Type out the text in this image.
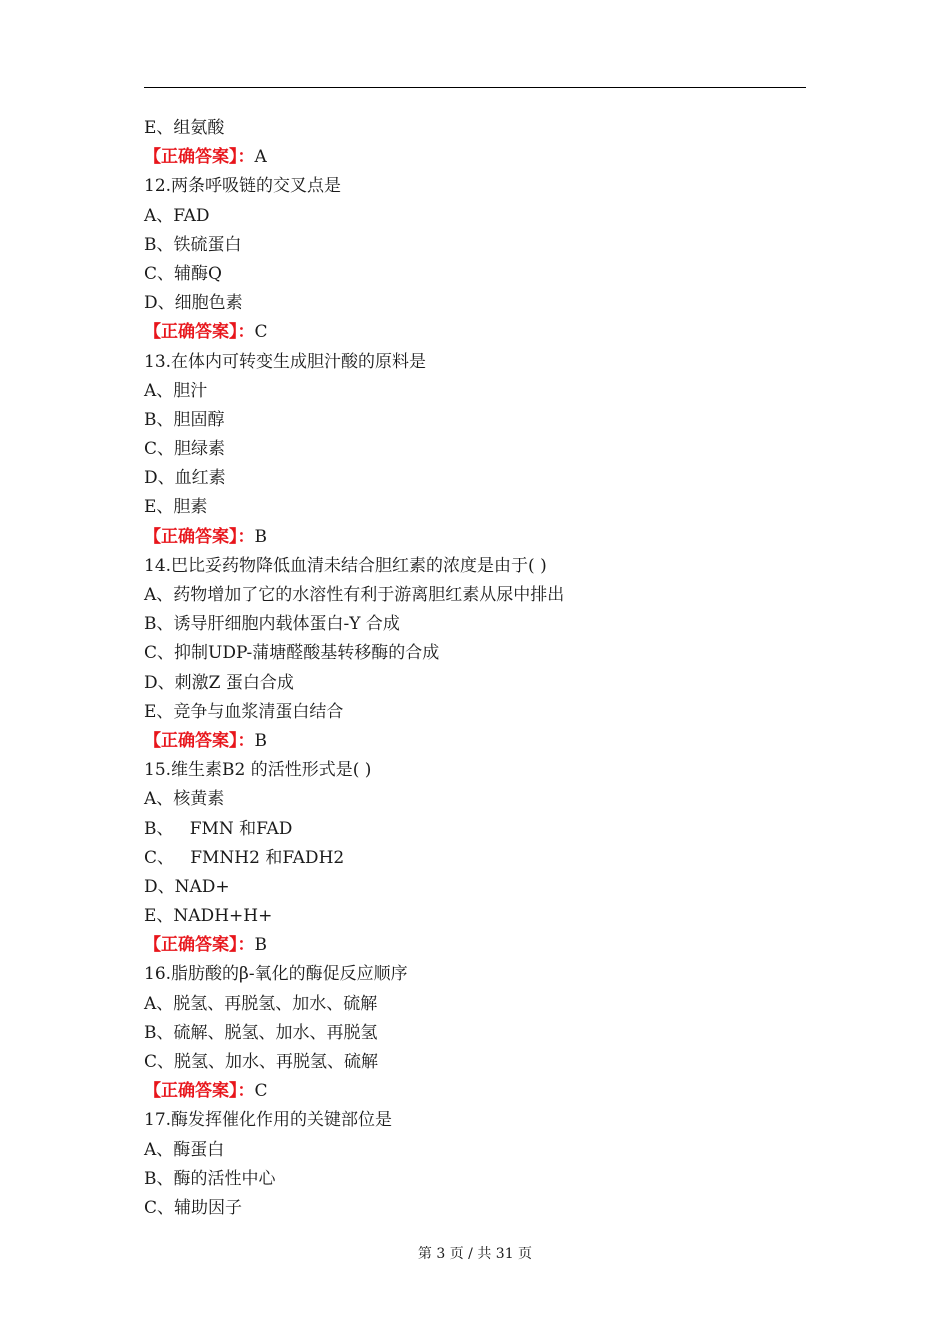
E、组氨酸
【正确答案】：A
12.两条呼吸链的交叉点是
A、FAD
B、铁硫蛋白
C、辅酶Q
D、细胞色素
【正确答案】：C
13.在体内可转变生成胆汁酸的原料是
A、胆汁
B、胆固醇
C、胆绿素
D、血红素
E、胆素
【正确答案】：B
14.巴比妥药物降低血清未结合胆红素的浓度是由于( )
A、药物增加了它的水溶性有利于游离胆红素从尿中排出
B、诱导肝细胞内载体蛋白-Y 合成
C、抑制UDP-蒲塘醛酸基转移酶的合成
D、刺激Z 蛋白合成
E、竞争与血浆清蛋白结合
【正确答案】：B
15.维生素B2 的活性形式是( )
A、核黄素
B、   FMN 和FAD
C、   FMNH2 和FADH2
D、NAD+
E、NADH+H+
【正确答案】：B
16.脂肪酸的β-氧化的酶促反应顺序
A、脱氢、再脱氢、加水、硫解
B、硫解、脱氢、加水、再脱氢
C、脱氢、加水、再脱氢、硫解
【正确答案】：C
17.酶发挥催化作用的关键部位是
A、酶蛋白
B、酶的活性中心
C、辅助因子
第 3 页 / 共 31 页
